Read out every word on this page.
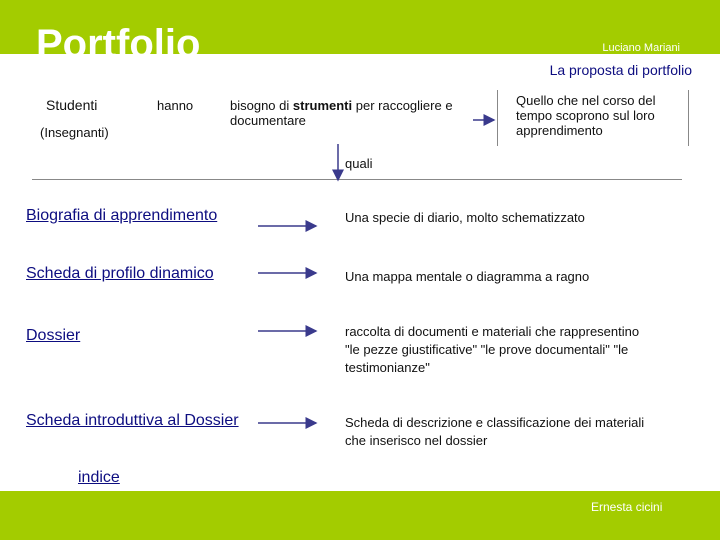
Portfolio	Luciano Mariani
La proposta di portfolio
Studenti
(Insegnanti)
hanno	bisogno di strumenti per raccogliere e documentare
Quello che nel corso del tempo scoprono sul loro apprendimento
quali
Biografia di apprendimento	Una specie di diario, molto schematizzato
Scheda di profilo dinamico	Una mappa mentale o diagramma a ragno
Dossier	raccolta di documenti e materiali che rappresentino "le pezze giustificative" "le prove documentali" "le testimonianze"
Scheda introduttiva al Dossier	Scheda di descrizione e classificazione dei materiali che inserisco nel dossier
indice
Ernesta cicini
